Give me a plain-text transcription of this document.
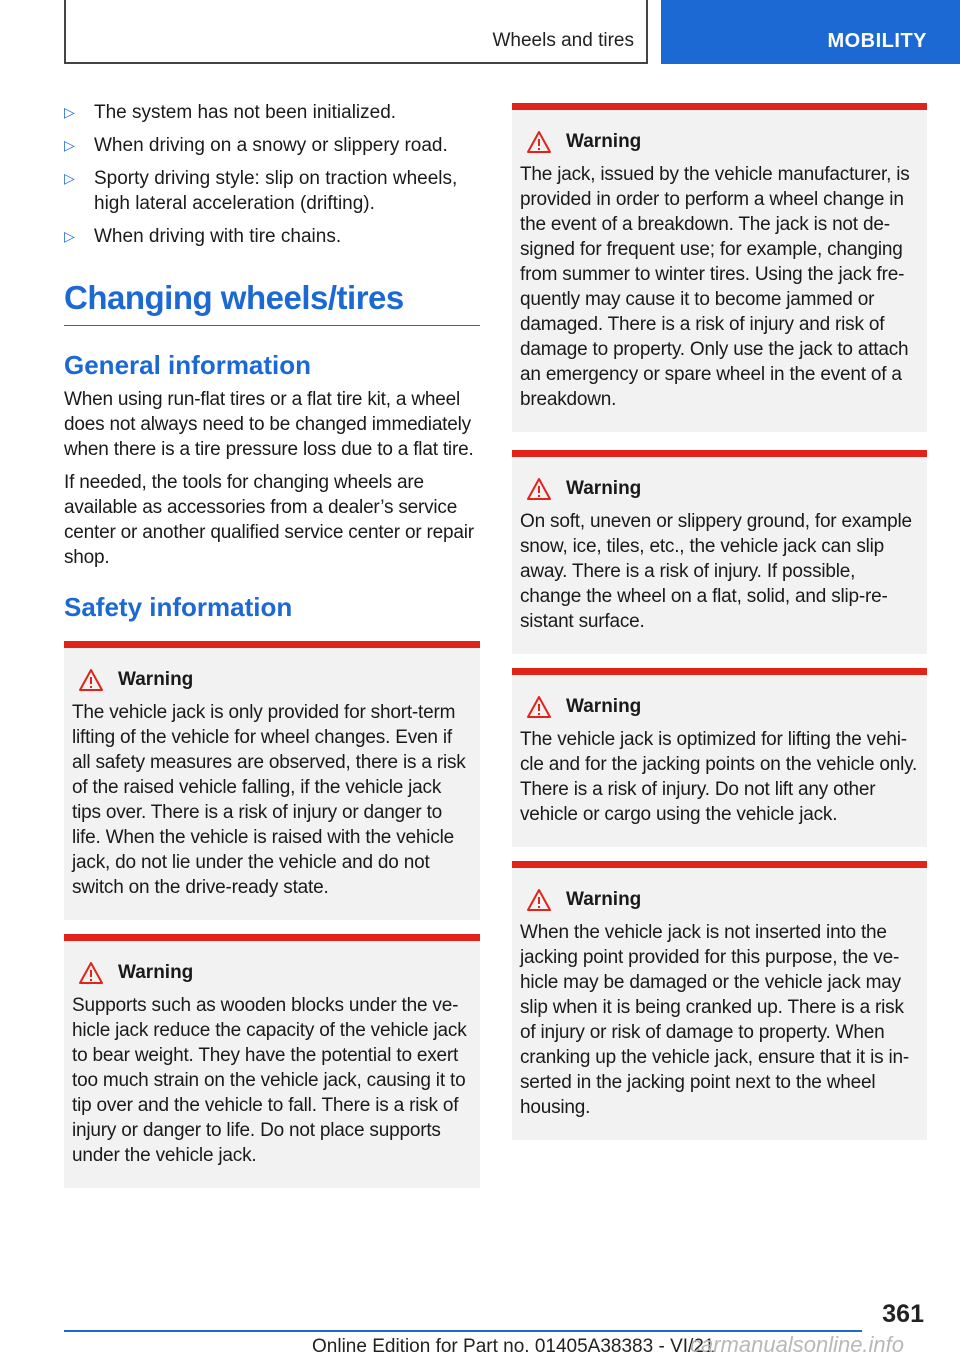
Wheels and tires	MOBILITY
▷ The system has not been initialized.
▷ When driving on a snowy or slippery road.
▷ Sporty driving style: slip on traction wheels, high lateral acceleration (drifting).
▷ When driving with tire chains.
Changing wheels/tires
General information
When using run-flat tires or a flat tire kit, a wheel does not always need to be changed immediately when there is a tire pressure loss due to a flat tire.
If needed, the tools for changing wheels are available as accessories from a dealer’s service center or another qualified service center or repair shop.
Safety information
Warning
The vehicle jack is only provided for short-term lifting of the vehicle for wheel changes. Even if all safety measures are observed, there is a risk of the raised vehicle falling, if the vehicle jack tips over. There is a risk of injury or danger to life. When the vehicle is raised with the vehicle jack, do not lie under the vehicle and do not switch on the drive-ready state.
Warning
Supports such as wooden blocks under the vehicle jack reduce the capacity of the vehicle jack to bear weight. They have the potential to exert too much strain on the vehicle jack, causing it to tip over and the vehicle to fall. There is a risk of injury or danger to life. Do not place supports under the vehicle jack.
Warning
The jack, issued by the vehicle manufacturer, is provided in order to perform a wheel change in the event of a breakdown. The jack is not designed for frequent use; for example, changing from summer to winter tires. Using the jack frequently may cause it to become jammed or damaged. There is a risk of injury and risk of damage to property. Only use the jack to attach an emergency or spare wheel in the event of a breakdown.
Warning
On soft, uneven or slippery ground, for example snow, ice, tiles, etc., the vehicle jack can slip away. There is a risk of injury. If possible, change the wheel on a flat, solid, and slip-resistant surface.
Warning
The vehicle jack is optimized for lifting the vehicle and for the jacking points on the vehicle only. There is a risk of injury. Do not lift any other vehicle or cargo using the vehicle jack.
Warning
When the vehicle jack is not inserted into the jacking point provided for this purpose, the vehicle may be damaged or the vehicle jack may slip when it is being cranked up. There is a risk of injury or risk of damage to property. When cranking up the vehicle jack, ensure that it is inserted in the jacking point next to the wheel housing.
361
Online Edition for Part no. 01405A38383 - VI/21
carmanualsonline.info
